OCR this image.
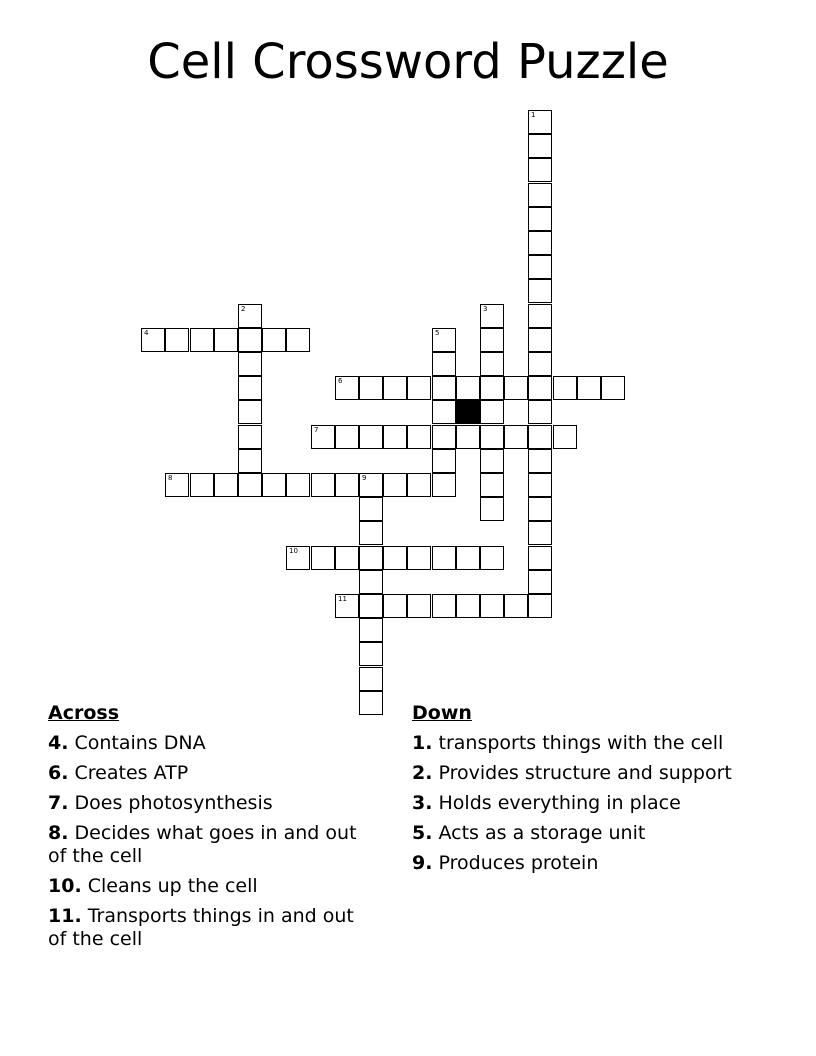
Cell Crossword Puzzle
1
2	3
4	5
6
7
8	9
10
11
Across
4. Contains DNA
6. Creates ATP
7. Does photosynthesis
8. Decides what goes in and out of the cell
10. Cleans up the cell
11. Transports things in and out of the cell
Down
1. transports things with the cell
2. Provides structure and support
3. Holds everything in place
5. Acts as a storage unit
9. Produces protein
